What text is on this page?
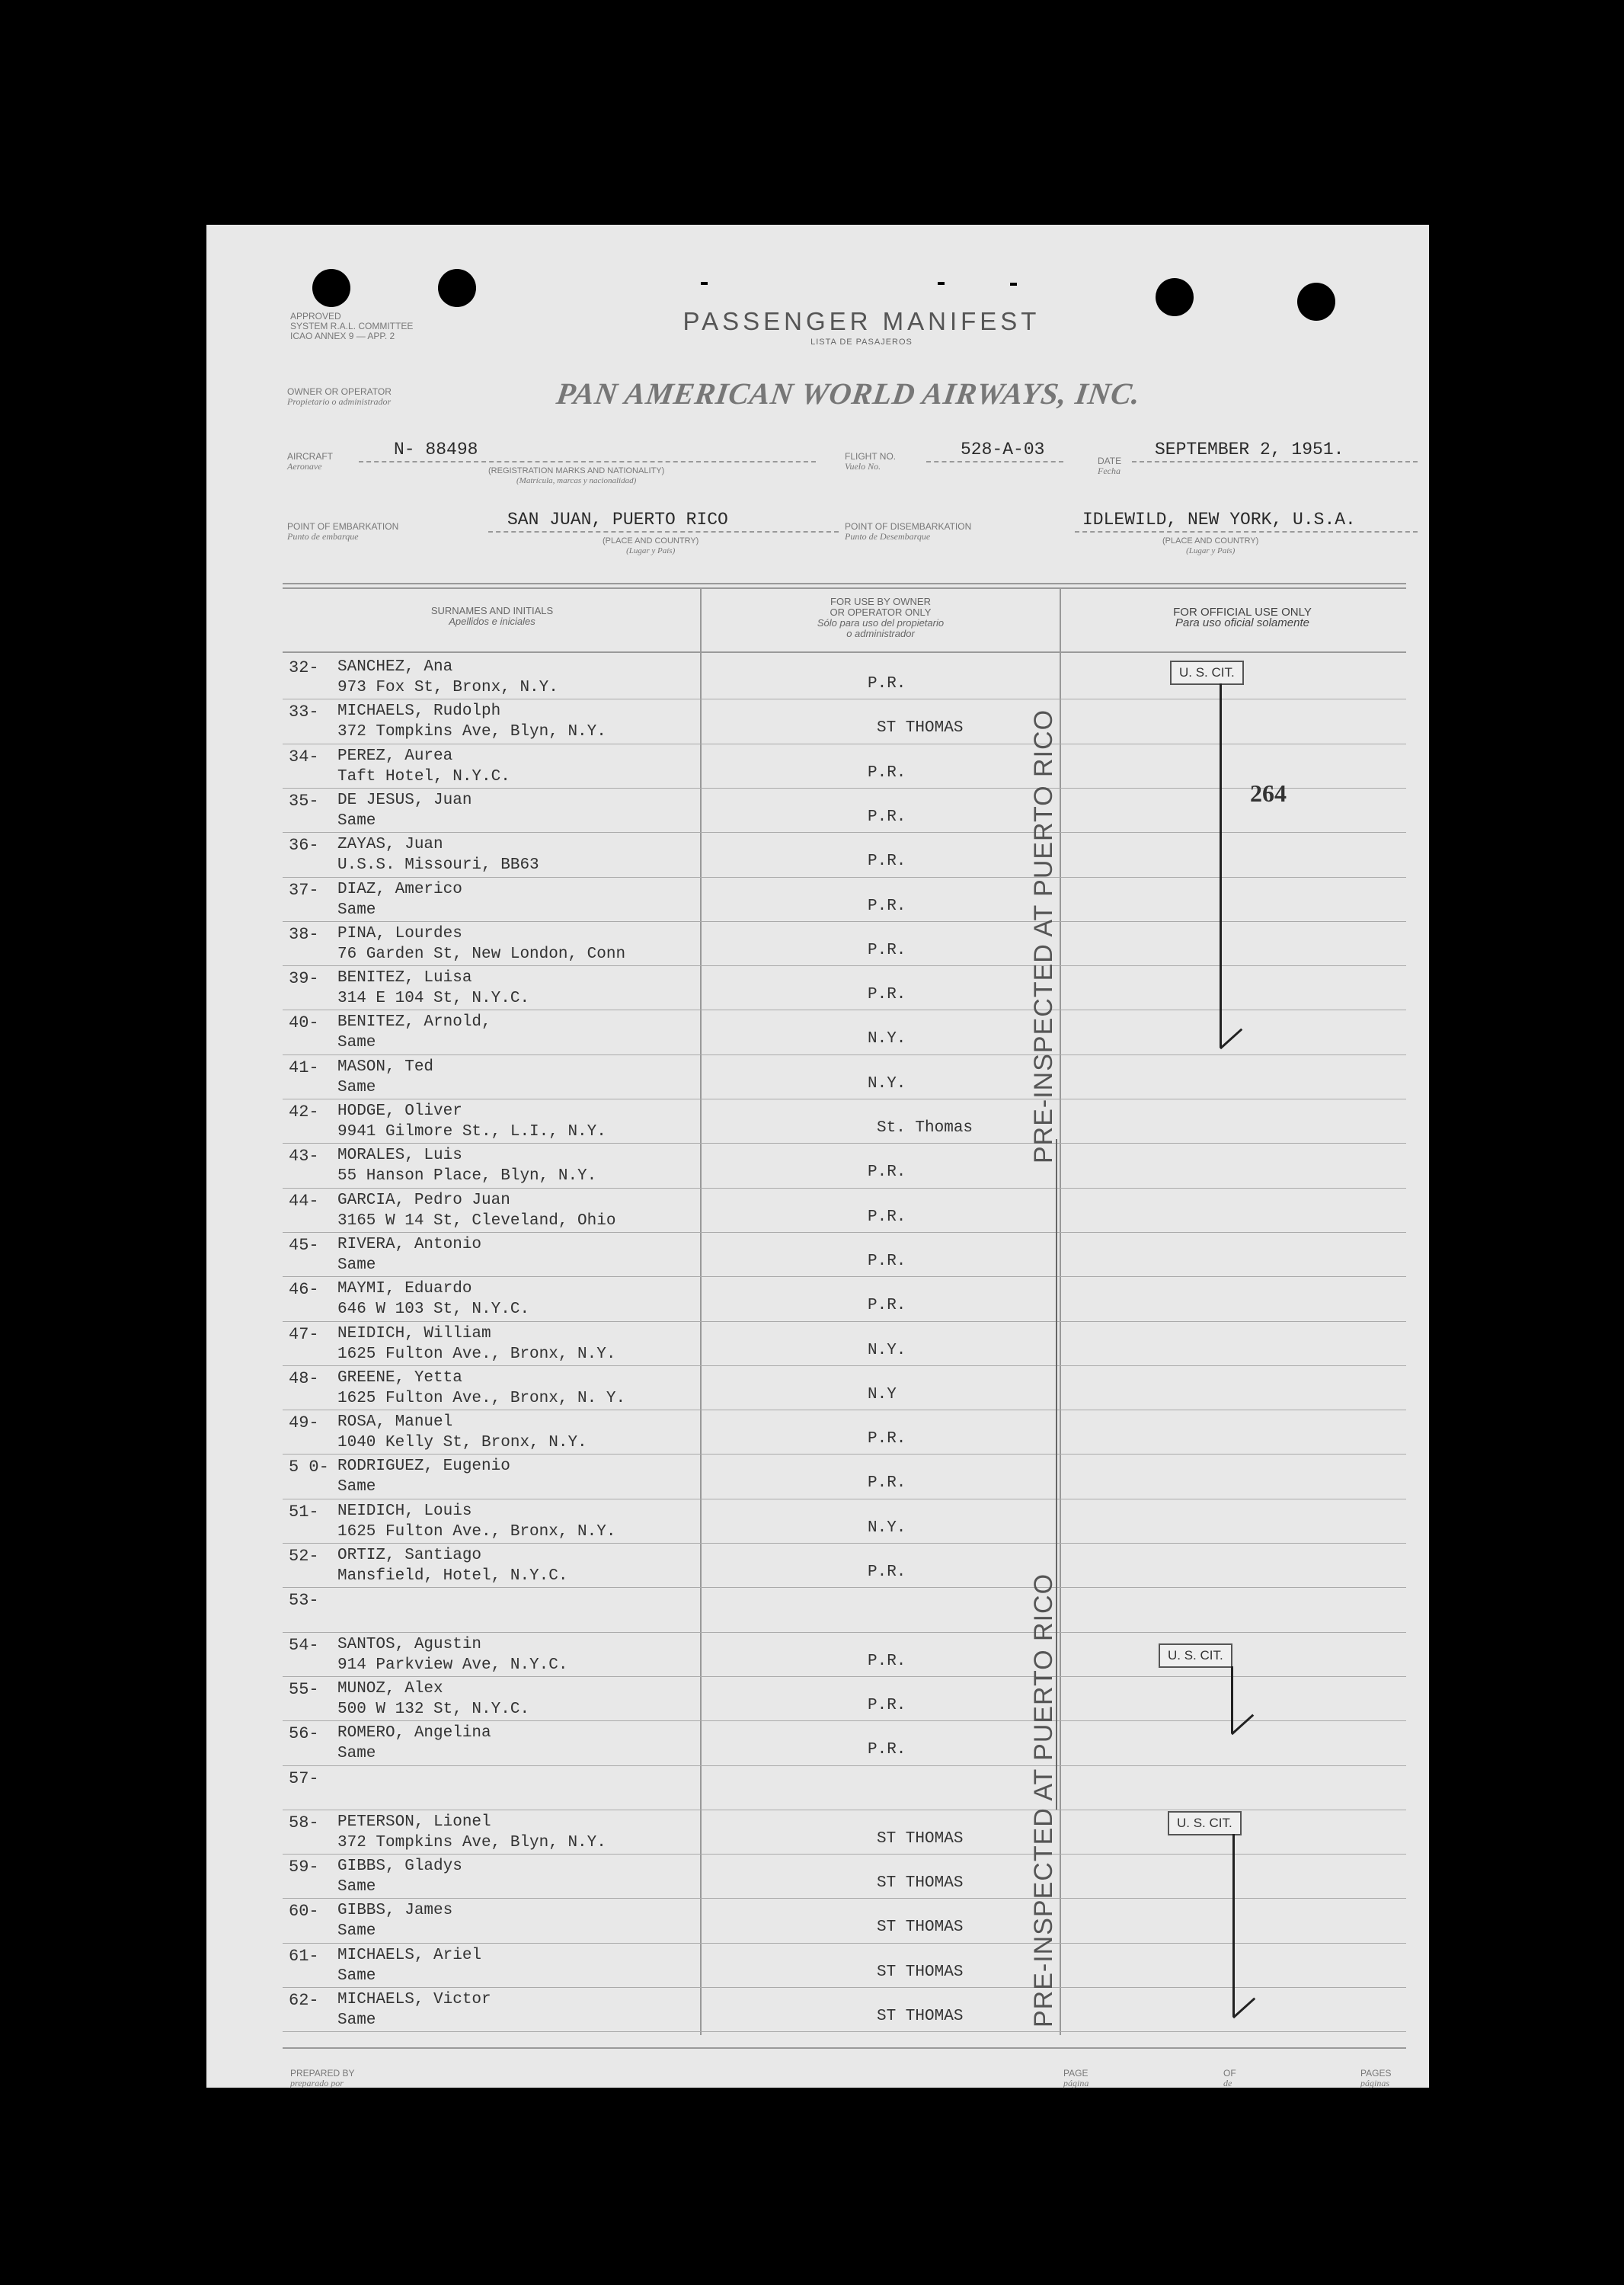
APPROVED
SYSTEM R.A.L. COMMITTEE
ICAO ANNEX 9 — APP. 2
PASSENGER MANIFEST
LISTA DE PASAJEROS
OWNER OR OPERATOR
Propietario o administrador	PAN AMERICAN WORLD AIRWAYS, INC.
AIRCRAFT
Aeronave
N- 88498
(REGISTRATION MARKS AND NATIONALITY)
(Matrícula, marcas y nacionalidad)
FLIGHT NO.
Vuelo No.
528-A-03
DATE
Fecha
SEPTEMBER 2, 1951.
POINT OF EMBARKATION
Punto de embarque
SAN JUAN, PUERTO RICO
(PLACE AND COUNTRY)
(Lugar y País)
POINT OF DISEMBARKATION
Punto de Desembarque
IDLEWILD, NEW YORK, U.S.A.
(PLACE AND COUNTRY)
(Lugar y País)
SURNAMES AND INITIALS
Apellidos e iniciales
FOR USE BY OWNER
OR OPERATOR ONLY
Sólo para uso del propietario
o administrador
FOR OFFICIAL USE ONLY
Para uso oficial solamente
32- SANCHEZ, Ana
973 Fox St, Bronx, N.Y.	P.R.
33- MICHAELS, Rudolph
372 Tompkins Ave, Blyn, N.Y.	ST THOMAS
34- PEREZ, Aurea
Taft Hotel, N.Y.C.	P.R.
35- DE JESUS, Juan
Same	P.R.
36- ZAYAS, Juan
U.S.S. Missouri, BB63	P.R.
37- DIAZ, Americo
Same	P.R.
38- PINA, Lourdes
76 Garden St, New London, Conn	P.R.
39- BENITEZ, Luisa
314 E 104 St, N.Y.C.	P.R.
40- BENITEZ, Arnold,
Same	N.Y.
41- MASON, Ted
Same	N.Y.
42- HODGE, Oliver
9941 Gilmore St., L.I., N.Y.	St. Thomas
43- MORALES, Luis
55 Hanson Place, Blyn, N.Y.	P.R.
44- GARCIA, Pedro Juan
3165 W 14 St, Cleveland, Ohio	P.R.
45- RIVERA, Antonio
Same	P.R.
46- MAYMI, Eduardo
646 W 103 St, N.Y.C.	P.R.
47- NEIDICH, William
1625 Fulton Ave., Bronx, N.Y.	N.Y.
48- GREENE, Yetta
1625 Fulton Ave., Bronx, N. Y.	N.Y
49- ROSA, Manuel
1040 Kelly St, Bronx, N.Y.	P.R.
5 0- RODRIGUEZ, Eugenio
Same	P.R.
51- NEIDICH, Louis
1625 Fulton Ave., Bronx, N.Y.	N.Y.
52- ORTIZ, Santiago
Mansfield, Hotel, N.Y.C.	P.R.
53-
54- SANTOS, Agustin
914 Parkview Ave, N.Y.C.	P.R.
55- MUNOZ, Alex
500 W 132 St, N.Y.C.	P.R.
56- ROMERO, Angelina
Same	P.R.
57-
58- PETERSON, Lionel
372 Tompkins Ave, Blyn, N.Y.	ST THOMAS
59- GIBBS, Gladys
Same	ST THOMAS
60- GIBBS, James
Same	ST THOMAS
61- MICHAELS, Ariel
Same	ST THOMAS
62- MICHAELS, Victor
Same	ST THOMAS
PRE-INSPECTED AT PUERTO RICO
PRE-INSPECTED AT PUERTO RICO
U. S. CIT.
264
U. S. CIT.
U. S. CIT.
PREPARED BY
preparado por
PAGE
página
OF
de
PAGES
páginas
